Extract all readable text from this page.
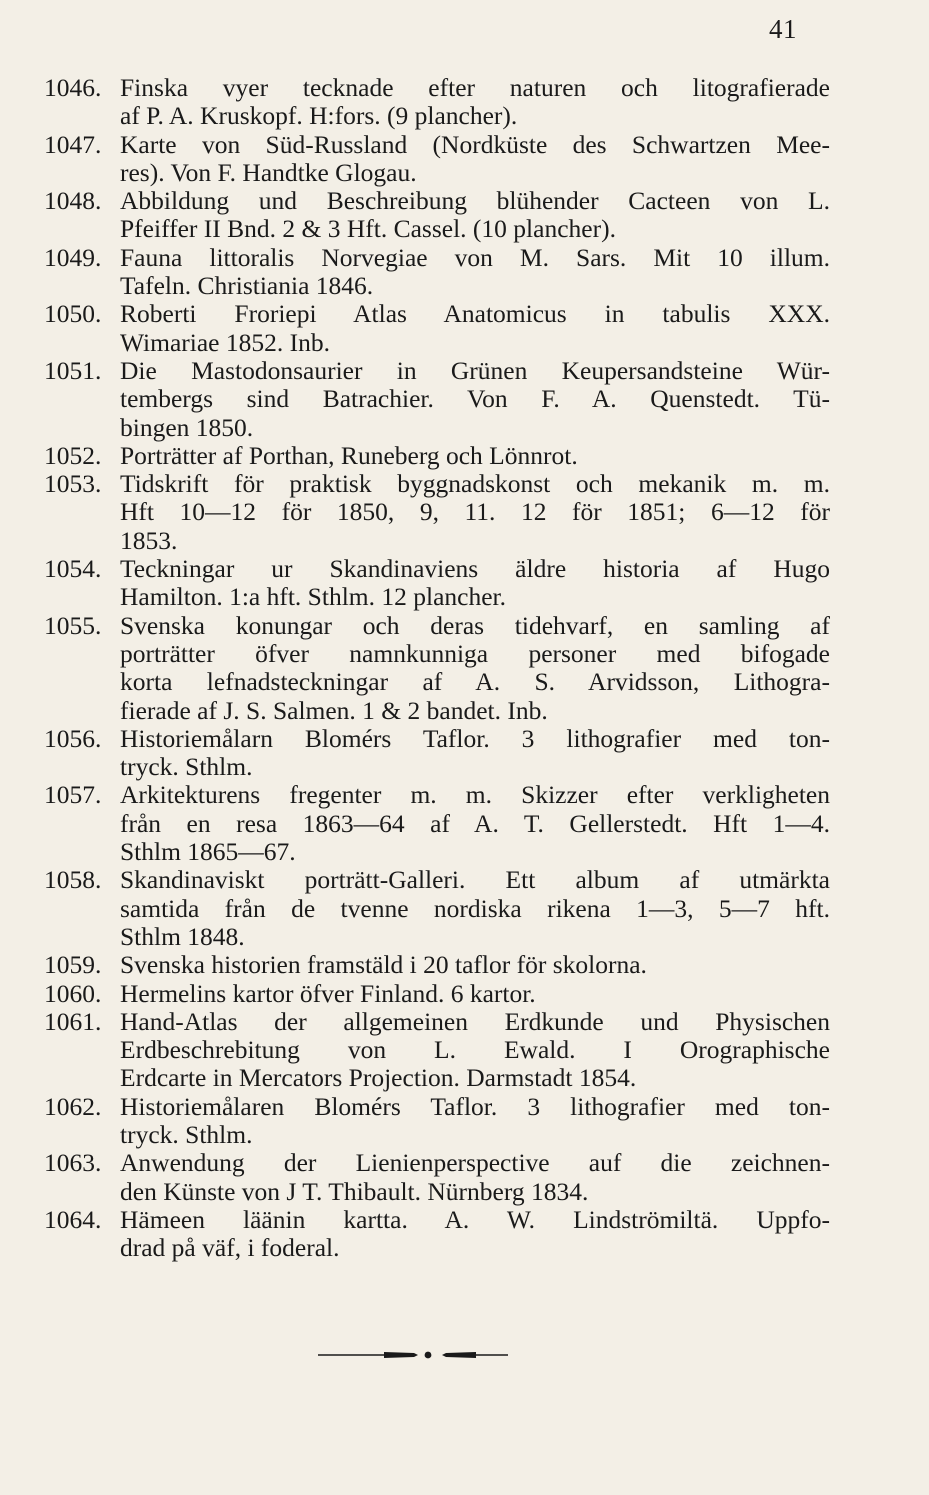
41
1046. Finska vyer tecknade efter naturen och litografierade
af P. A. Kruskopf. H:fors. (9 plancher).
1047. Karte von Süd-Russland (Nordküste des Schwartzen Mee-
res). Von F. Handtke Glogau.
1048. Abbildung und Beschreibung blühender Cacteen von L.
Pfeiffer II Bnd. 2 & 3 Hft. Cassel. (10 plancher).
1049. Fauna littoralis Norvegiae von M. Sars. Mit 10 illum.
Tafeln. Christiania 1846.
1050. Roberti Froriepi Atlas Anatomicus in tabulis XXX.
Wimariae 1852. Inb.
1051. Die Mastodonsaurier in Grünen Keupersandsteine Wür-
tembergs sind Batrachier. Von F. A. Quenstedt. Tü-
bingen 1850.
1052. Porträtter af Porthan, Runeberg och Lönnrot.
1053. Tidskrift för praktisk byggnadskonst och mekanik m. m.
Hft 10—12 för 1850, 9, 11. 12 för 1851; 6—12 för
1853.
1054. Teckningar ur Skandinaviens äldre historia af Hugo
Hamilton. 1:a hft. Sthlm. 12 plancher.
1055. Svenska konungar och deras tidehvarf, en samling af
porträtter öfver namnkunniga personer med bifogade
korta lefnadsteckningar af A. S. Arvidsson, Lithogra-
fierade af J. S. Salmen. 1 & 2 bandet. Inb.
1056. Historiemålarn Blomérs Taflor. 3 lithografier med ton-
tryck. Sthlm.
1057. Arkitekturens fregenter m. m. Skizzer efter verkligheten
från en resa 1863—64 af A. T. Gellerstedt. Hft 1—4.
Sthlm 1865—67.
1058. Skandinaviskt porträtt-Galleri. Ett album af utmärkta
samtida från de tvenne nordiska rikena 1—3, 5—7 hft.
Sthlm 1848.
1059. Svenska historien framstäld i 20 taflor för skolorna.
1060. Hermelins kartor öfver Finland. 6 kartor.
1061. Hand-Atlas der allgemeinen Erdkunde und Physischen
Erdbeschrebitung von L. Ewald. I Orographische
Erdcarte in Mercators Projection. Darmstadt 1854.
1062. Historiemålaren Blomérs Taflor. 3 lithografier med ton-
tryck. Sthlm.
1063. Anwendung der Lienienperspective auf die zeichnen-
den Künste von J T. Thibault. Nürnberg 1834.
1064. Hämeen läänin kartta. A. W. Lindströmiltä. Uppfo-
drad på väf, i foderal.
